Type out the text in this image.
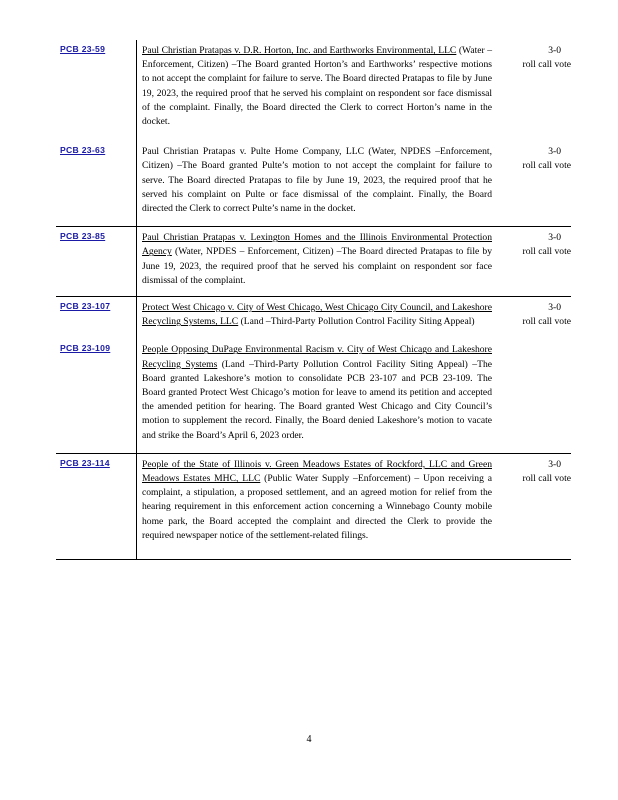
PCB 23-59	Paul Christian Pratapas v. D.R. Horton, Inc. and Earthworks Environmental, LLC (Water –Enforcement, Citizen) –The Board granted Horton’s and Earthworks’ respective motions to not accept the complaint for failure to serve. The Board directed Pratapas to file by June 19, 2023, the required proof that he served his complaint on respondent sor face dismissal of the complaint. Finally, the Board directed the Clerk to correct Horton’s name in the docket.
3-0
roll call vote
PCB 23-63	Paul Christian Pratapas v. Pulte Home Company, LLC (Water, NPDES –Enforcement, Citizen) –The Board granted Pulte’s motion to not accept the complaint for failure to serve. The Board directed Pratapas to file by June 19, 2023, the required proof that he served his complaint on Pulte or face dismissal of the complaint. Finally, the Board directed the Clerk to correct Pulte’s name in the docket.
3-0
roll call vote
PCB 23-85	Paul Christian Pratapas v. Lexington Homes and the Illinois Environmental Protection Agency (Water, NPDES – Enforcement, Citizen) –The Board directed Pratapas to file by June 19, 2023, the required proof that he served his complaint on respondent sor face dismissal of the complaint.
3-0
roll call vote
PCB 23-107	Protect West Chicago v. City of West Chicago, West Chicago City Council, and Lakeshore Recycling Systems, LLC (Land –Third-Party Pollution Control Facility Siting Appeal)
3-0
roll call vote
PCB 23-109	People Opposing DuPage Environmental Racism v. City of West Chicago and Lakeshore Recycling Systems (Land –Third-Party Pollution Control Facility Siting Appeal) –The Board granted Lakeshore’s motion to consolidate PCB 23-107 and PCB 23-109. The Board granted Protect West Chicago’s motion for leave to amend its petition and accepted the amended petition for hearing. The Board granted West Chicago and City Council’s motion to supplement the record. Finally, the Board denied Lakeshore’s motion to vacate and strike the Board’s April 6, 2023 order.
PCB 23-114	People of the State of Illinois v. Green Meadows Estates of Rockford, LLC and Green Meadows Estates MHC, LLC (Public Water Supply –Enforcement) – Upon receiving a complaint, a stipulation, a proposed settlement, and an agreed motion for relief from the hearing requirement in this enforcement action concerning a Winnebago County mobile home park, the Board accepted the complaint and directed the Clerk to provide the required newspaper notice of the settlement-related filings.
3-0
roll call vote
4
